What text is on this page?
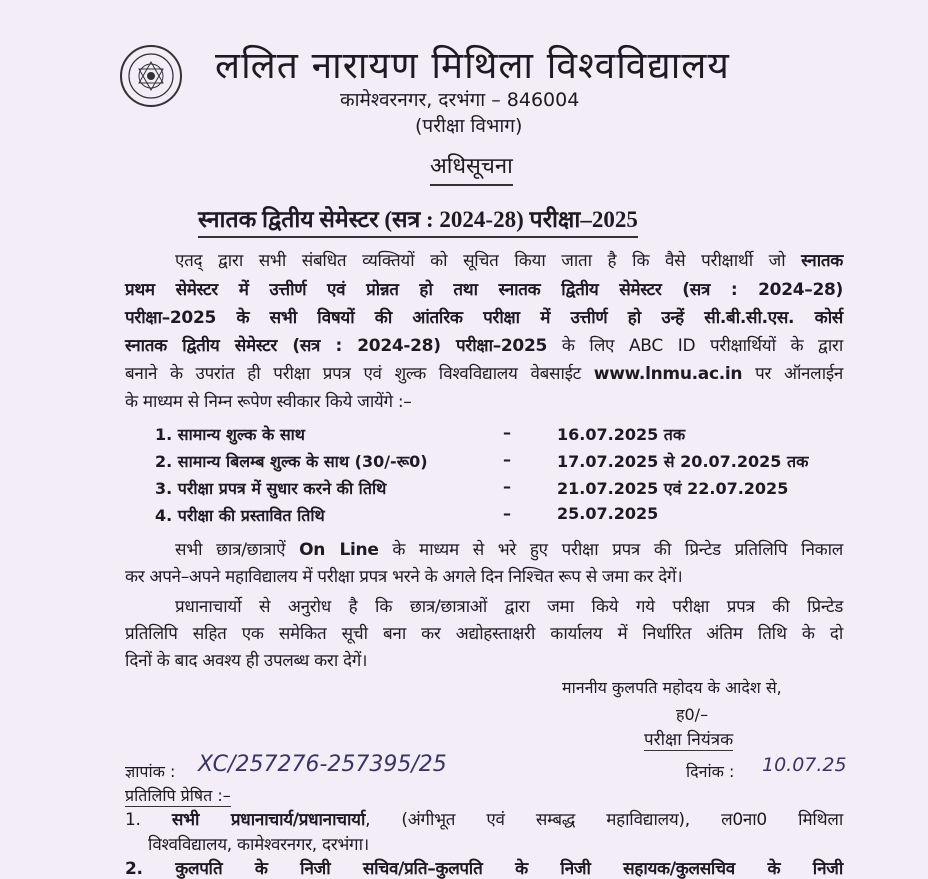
ललित नारायण मिथिला विश्वविद्यालय
कामेश्वरनगर, दरभंगा – 846004
(परीक्षा विभाग)
अधिसूचना
स्नातक द्वितीय सेमेस्टर (सत्र : 2024-28) परीक्षा–2025
एतद् द्वारा सभी संबधित व्यक्तियों को सूचित किया जाता है कि वैसे परीक्षार्थी जो स्नातक
प्रथम सेमेस्टर में उत्तीर्ण एवं प्रोन्नत हो तथा स्नातक द्वितीय सेमेस्टर (सत्र : 2024–28)
परीक्षा–2025 के सभी विषयों की आंतरिक परीक्षा में उत्तीर्ण हो उन्हें सी.बी.सी.एस. कोर्स
स्नातक द्वितीय सेमेस्टर (सत्र : 2024-28) परीक्षा–2025 के लिए ABC ID परीक्षार्थियों के द्वारा
बनाने के उपरांत ही परीक्षा प्रपत्र एवं शुल्क विश्वविद्यालय वेबसाईट www.lnmu.ac.in पर ऑनलाईन
के माध्यम से निम्न रूपेण स्वीकार किये जायेंगे :–
1. सामान्य शुल्क के साथ	–	16.07.2025 तक
2. सामान्य बिलम्ब शुल्क के साथ (30/-रू0)	–	17.07.2025 से 20.07.2025 तक
3. परीक्षा प्रपत्र में सुधार करने की तिथि	–	21.07.2025 एवं 22.07.2025
4. परीक्षा की प्रस्तावित तिथि	–	25.07.2025
सभी छात्र/छात्राऐं On Line के माध्यम से भरे हुए परीक्षा प्रपत्र की प्रिन्टेड प्रतिलिपि निकाल
कर अपने–अपने महाविद्यालय में परीक्षा प्रपत्र भरने के अगले दिन निश्चित रूप से जमा कर देगें।
प्रधानाचार्यो से अनुरोध है कि छात्र/छात्राओं द्वारा जमा किये गये परीक्षा प्रपत्र की प्रिन्टेड
प्रतिलिपि सहित एक समेकित सूची बना कर अद्योहस्ताक्षरी कार्यालय में निर्धारित अंतिम तिथि के दो
दिनों के बाद अवश्य ही उपलब्ध करा देगें।
माननीय कुलपति महोदय के आदेश से,
ह0/–
परीक्षा नियंत्रक
ज्ञापांक : XC/257276-257395/25	दिनांक : 10.07.25
प्रतिलिपि प्रेषित :–
1. सभी प्रधानाचार्य/प्रधानाचार्या, (अंगीभूत एवं सम्बद्ध महाविद्यालय), ल0ना0 मिथिला
विश्वविद्यालय, कामेश्वरनगर, दरभंगा।
2. कुलपति के निजी सचिव/प्रति–कुलपति के निजी सहायक/कुलसचिव के निजी
